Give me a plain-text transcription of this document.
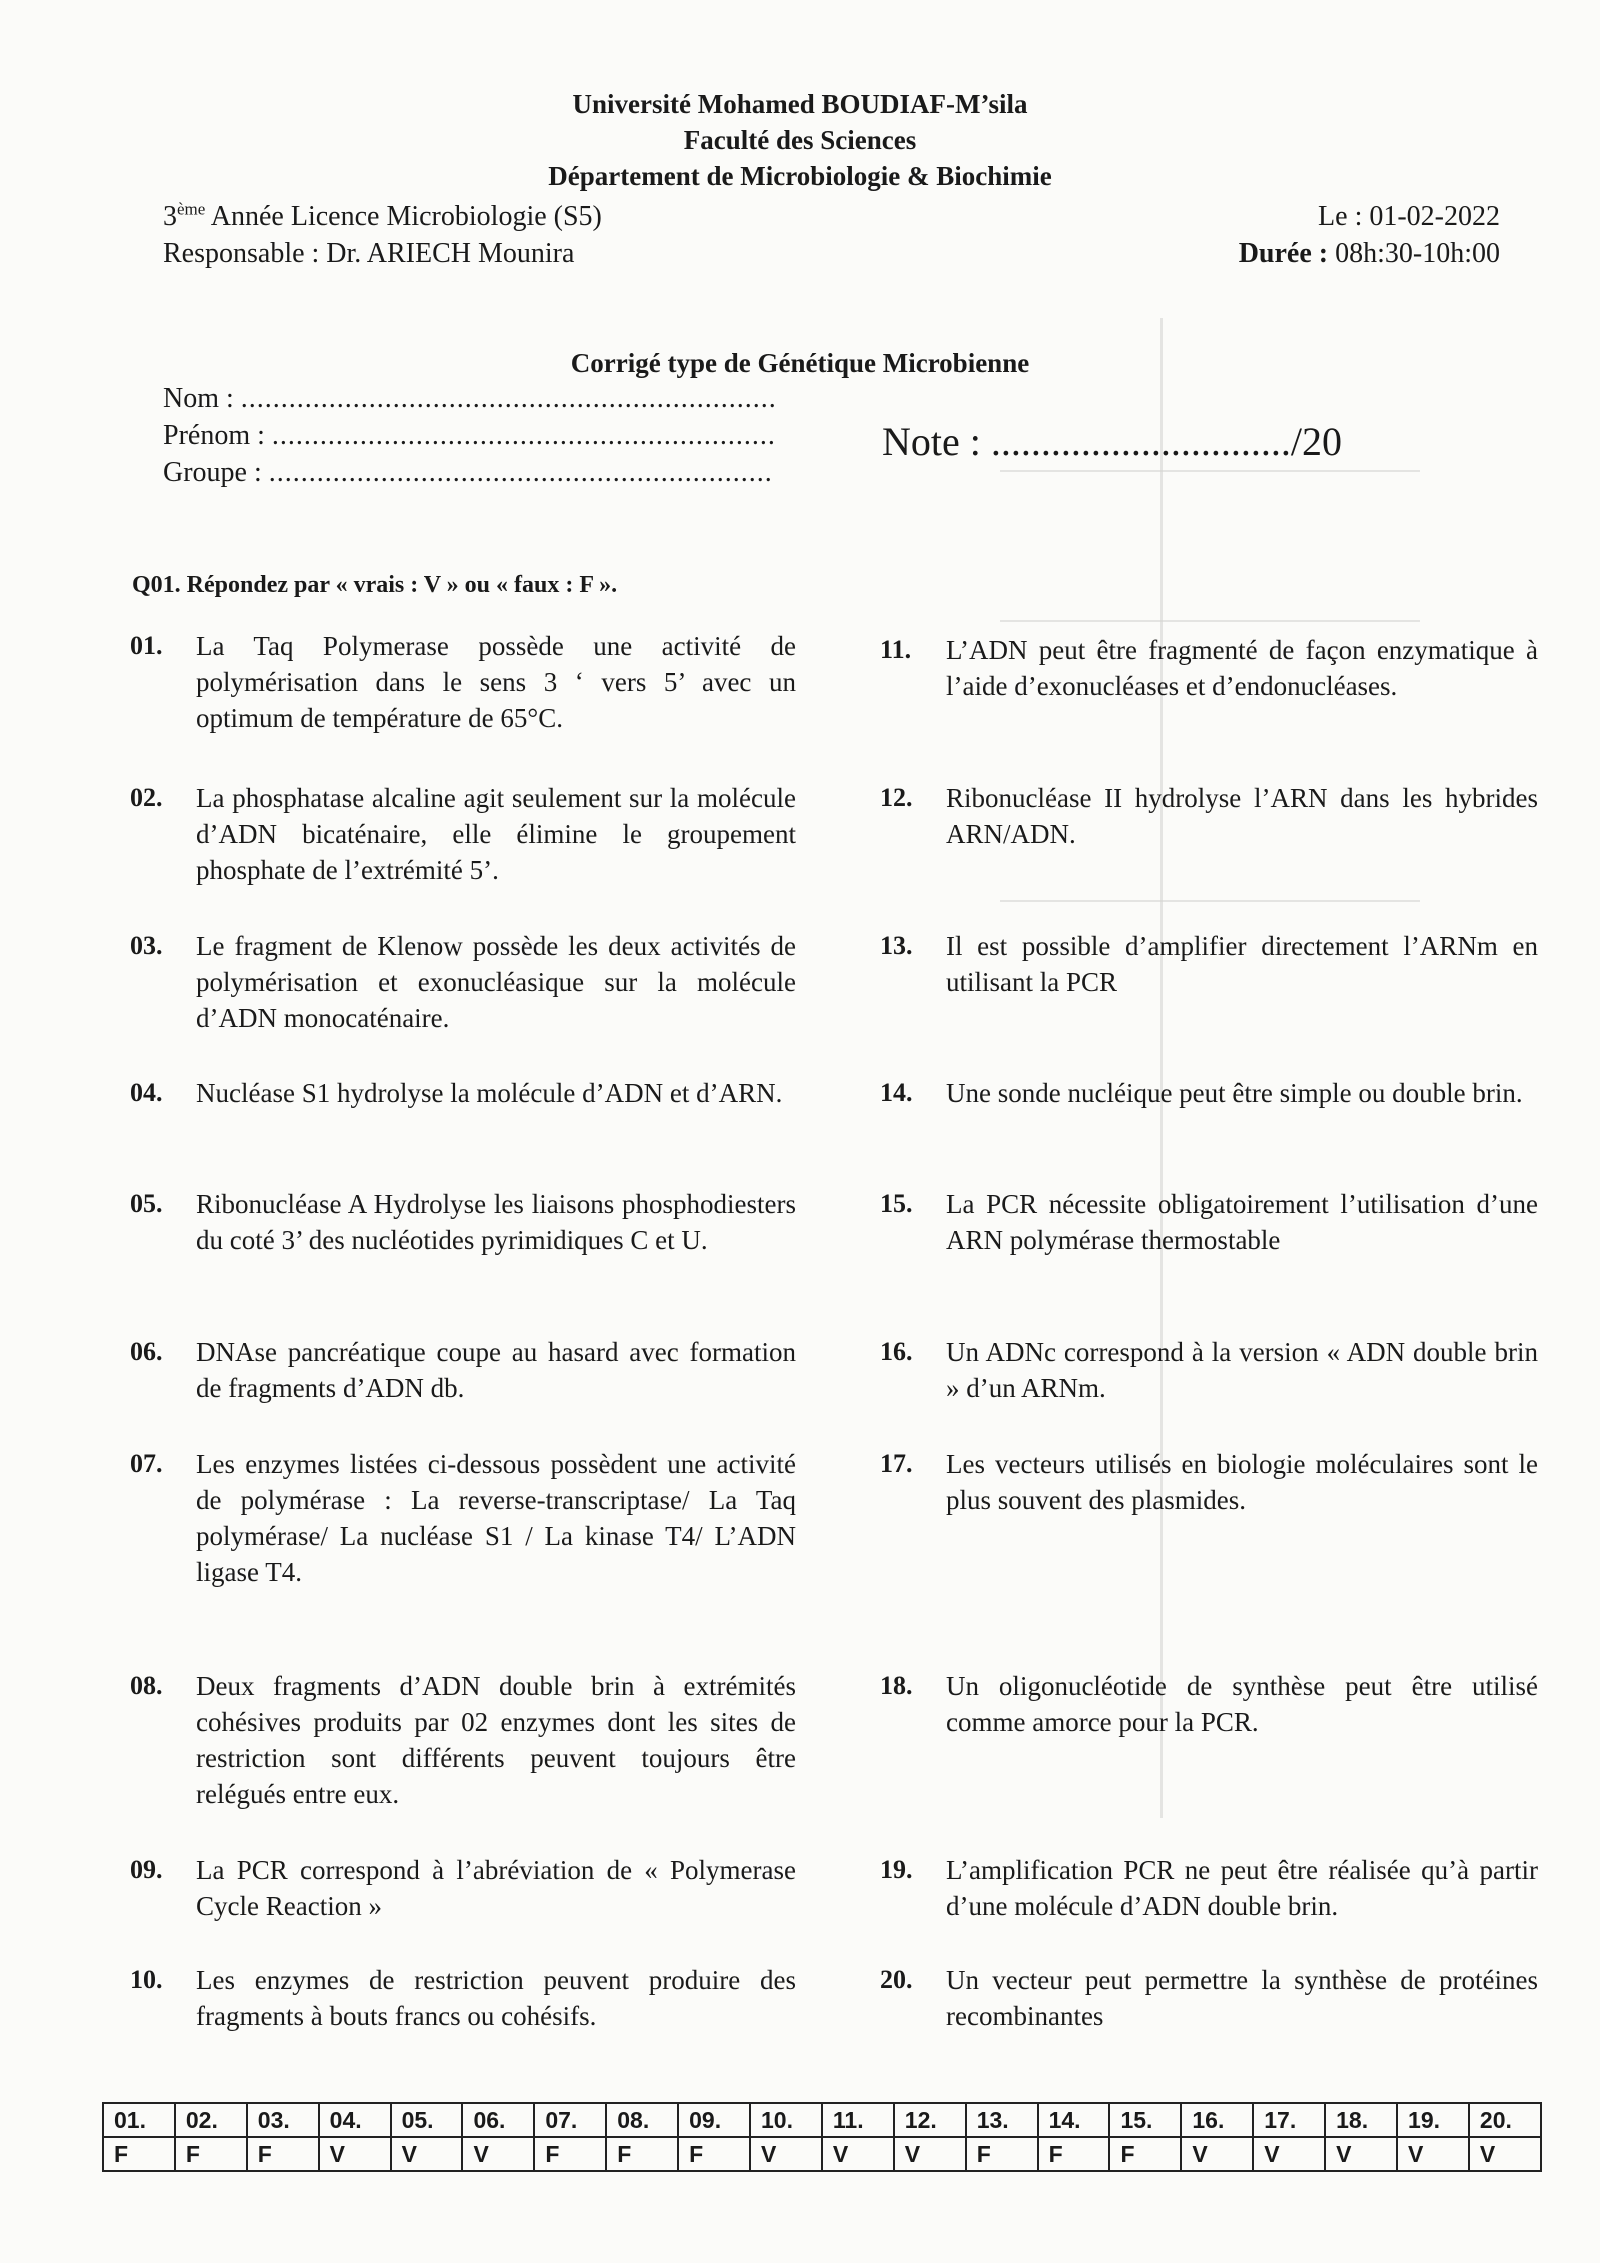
Université Mohamed BOUDIAF-M’sila
Faculté des Sciences
Département de Microbiologie & Biochimie
3ème Année Licence Microbiologie (S5)
Responsable : Dr. ARIECH Mounira
Le : 01-02-2022
Durée : 08h:30-10h:00
Corrigé type de Génétique Microbienne
Nom : ...................................................................
Prénom : ...............................................................
Groupe : ...............................................................
Note : ............................../20
Q01. Répondez par « vrais : V » ou « faux : F ».
01. La Taq Polymerase possède une activité de polymérisation dans le sens 3 ‘ vers 5’ avec un optimum de température de 65°C.
02. La phosphatase alcaline agit seulement sur la molécule d’ADN bicaténaire, elle élimine le groupement phosphate de l’extrémité 5’.
03. Le fragment de Klenow possède les deux activités de polymérisation et exonucléasique sur la molécule d’ADN monocaténaire.
04. Nucléase S1 hydrolyse la molécule d’ADN et d’ARN.
05. Ribonucléase A Hydrolyse les liaisons phosphodiesters du coté 3’ des nucléotides pyrimidiques C et U.
06. DNAse pancréatique coupe au hasard avec formation de fragments d’ADN db.
07. Les enzymes listées ci-dessous possèdent une activité de polymérase : La reverse-transcriptase/ La Taq polymérase/ La nucléase S1 / La kinase T4/ L’ADN ligase T4.
08. Deux fragments d’ADN double brin à extrémités cohésives produits par 02 enzymes dont les sites de restriction sont différents peuvent toujours être relégués entre eux.
09. La PCR correspond à l’abréviation de « Polymerase Cycle Reaction »
10. Les enzymes de restriction peuvent produire des fragments à bouts francs ou cohésifs.
11. L’ADN peut être fragmenté de façon enzymatique à l’aide d’exonucléases et d’endonucléases.
12. Ribonucléase II hydrolyse l’ARN dans les hybrides ARN/ADN.
13. Il est possible d’amplifier directement l’ARNm en utilisant la PCR
14. Une sonde nucléique peut être simple ou double brin.
15. La PCR nécessite obligatoirement l’utilisation d’une ARN polymérase thermostable
16. Un ADNc correspond à la version « ADN double brin » d’un ARNm.
17. Les vecteurs utilisés en biologie moléculaires sont le plus souvent des plasmides.
18. Un oligonucléotide de synthèse peut être utilisé comme amorce pour la PCR.
19. L’amplification PCR ne peut être réalisée qu’à partir d’une molécule d’ADN double brin.
20. Un vecteur peut permettre la synthèse de protéines recombinantes
01.	02.	03.	04.	05.	06.	07.	08.	09.	10.	11.	12.	13.	14.	15.	16.	17.	18.	19.	20.
F	F	F	V	V	V	F	F	F	V	V	V	F	F	F	V	V	V	V	V
